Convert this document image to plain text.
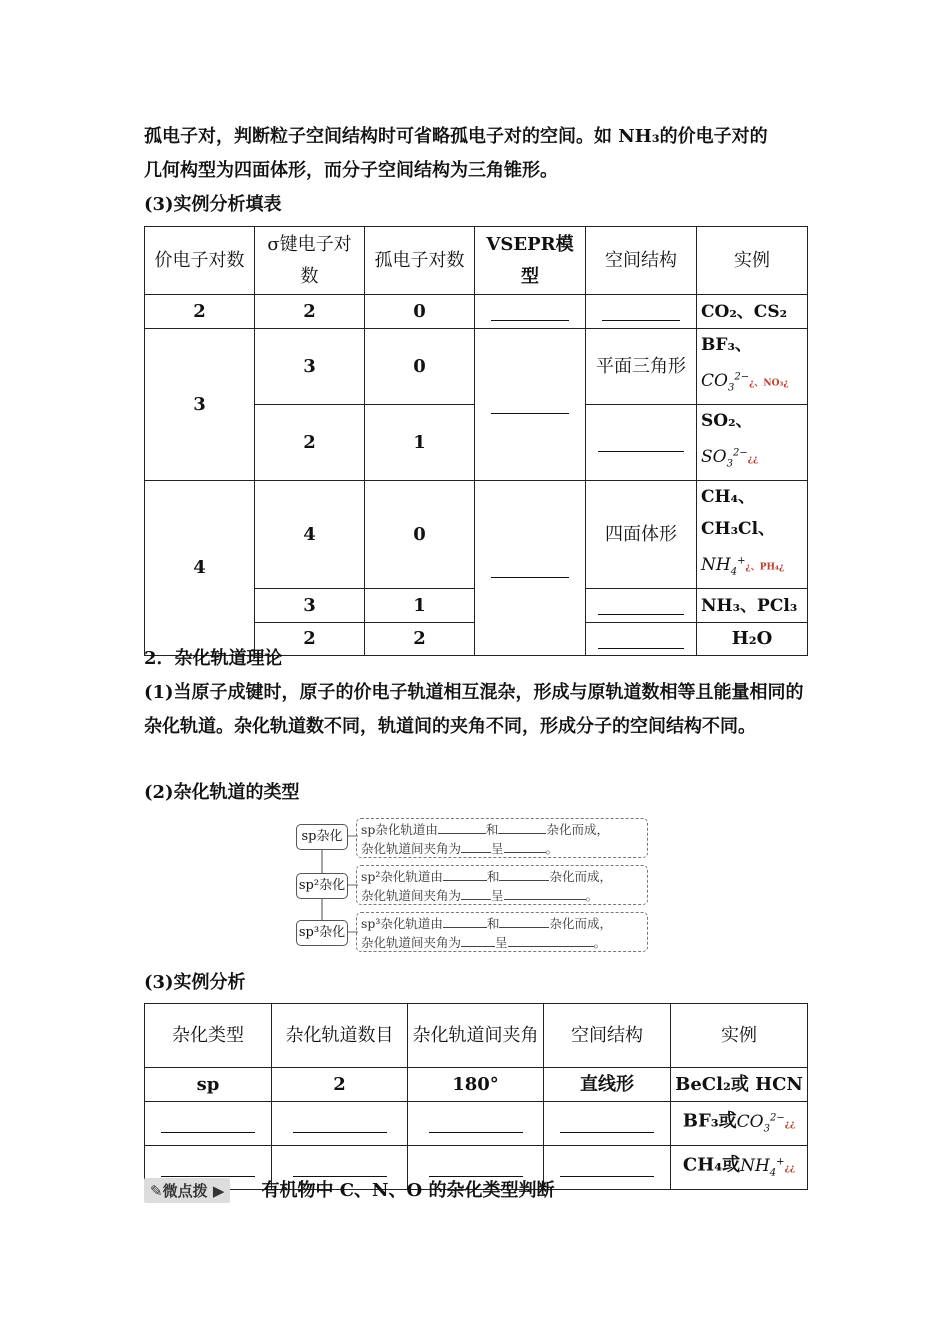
孤电子对，判断粒子空间结构时可省略孤电子对的空间。如 NH₃的价电子对的
几何构型为四面体形，而分子空间结构为三角锥形。
(3)实例分析填表
价电子对数	σ键电子对数	孤电子对数	VSEPR模型	空间结构	实例
2	2	0			CO₂、CS₂
3	3	0		平面三角形	BF₃、
$CO_3^{2-}¿$、NO₃¿
	2	1			SO₂、
$SO_3^{2-}¿¿$
4	4	0		四面体形	CH₄、CH₃Cl、
$NH_4^+¿$、PH₄¿
	3	1			NH₃、PCl₃
	2	2			H₂O
2．杂化轨道理论
(1)当原子成键时，原子的价电子轨道相互混杂，形成与原轨道数相等且能量相同的杂化轨道。杂化轨道数不同，轨道间的夹角不同，形成分子的空间结构不同。
(2)杂化轨道的类型
sp杂化
sp²杂化
sp³杂化
sp杂化轨道由	和	杂化而成，
杂化轨道间夹角为 呈	。
sp²杂化轨道由	和	杂化而成，
杂化轨道间夹角为 呈	。
sp³杂化轨道由	和	杂化而成，
杂化轨道间夹角为	呈	。
(3)实例分析
杂化类型	杂化轨道数目	杂化轨道间夹角	空间结构	实例
sp	2	180°	直线形	BeCl₂或 HCN
				BF₃或$CO_3^{2-}¿¿$
				CH₄或$NH_4^+¿¿$
✎微点拨 ▶ 有机物中 C、N、O 的杂化类型判断
